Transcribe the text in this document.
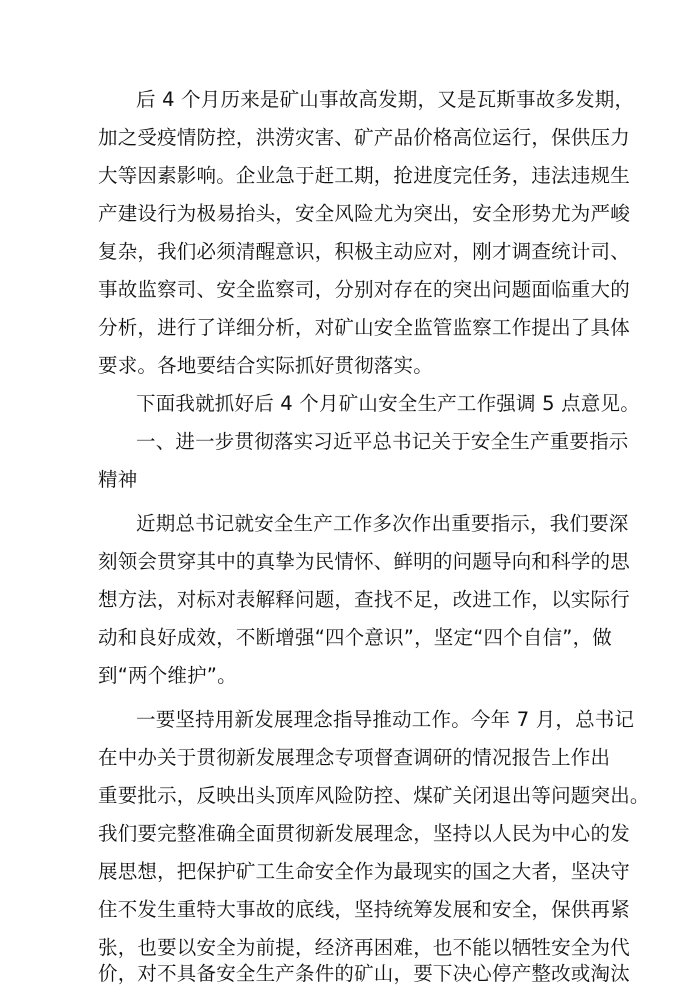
后 4 个月历来是矿山事故高发期，又是瓦斯事故多发期，
加之受疫情防控，洪涝灾害、矿产品价格高位运行，保供压力
大等因素影响。企业急于赶工期，抢进度完任务，违法违规生
产建设行为极易抬头，安全风险尤为突出，安全形势尤为严峻
复杂，我们必须清醒意识，积极主动应对，刚才调查统计司、
事故监察司、安全监察司，分别对存在的突出问题面临重大的
分析，进行了详细分析，对矿山安全监管监察工作提出了具体
要求。各地要结合实际抓好贯彻落实。
下面我就抓好后 4 个月矿山安全生产工作强调 5 点意见。
一、进一步贯彻落实习近平总书记关于安全生产重要指示
精神
近期总书记就安全生产工作多次作出重要指示，我们要深
刻领会贯穿其中的真挚为民情怀、鲜明的问题导向和科学的思
想方法，对标对表解释问题，查找不足，改进工作，以实际行
动和良好成效，不断增强“四个意识”，坚定“四个自信”，做
到“两个维护”。
一要坚持用新发展理念指导推动工作。今年 7 月，总书记
在中办关于贯彻新发展理念专项督查调研的情况报告上作出
重要批示，反映出头顶库风险防控、煤矿关闭退出等问题突出。
我们要完整准确全面贯彻新发展理念，坚持以人民为中心的发
展思想，把保护矿工生命安全作为最现实的国之大者，坚决守
住不发生重特大事故的底线，坚持统筹发展和安全，保供再紧
张，也要以安全为前提，经济再困难，也不能以牺牲安全为代
价，对不具备安全生产条件的矿山，要下决心停产整改或淘汰
